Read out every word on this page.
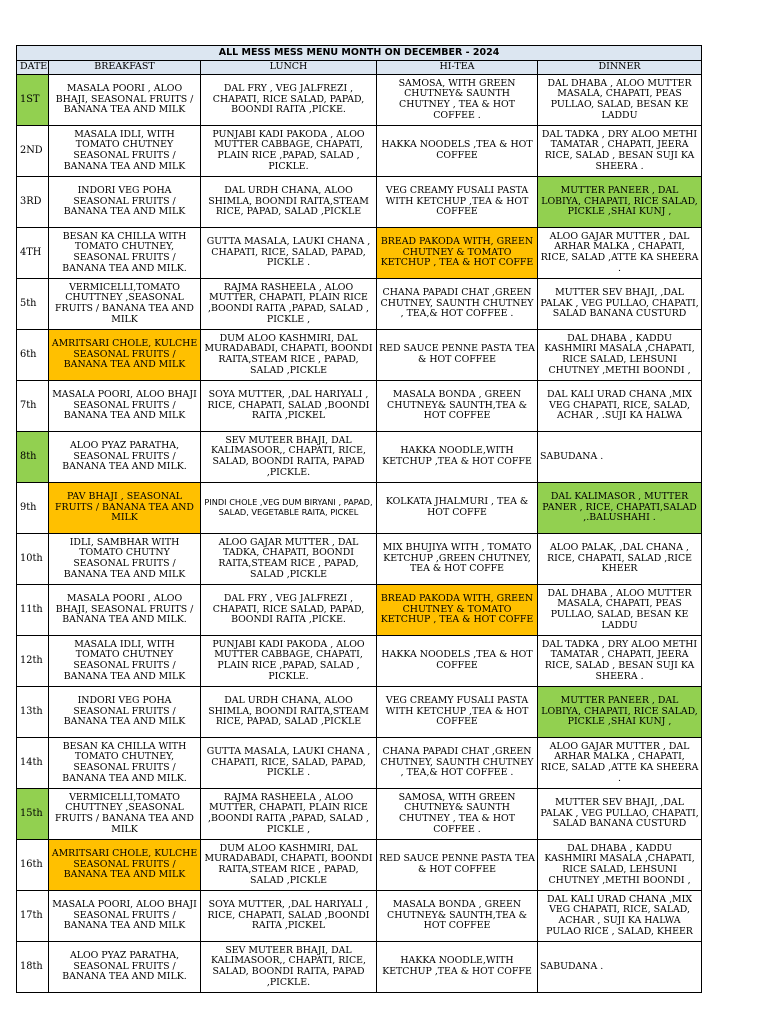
ALL MESS MESS MENU MONTH ON DECEMBER - 2024				
DATE	BREAKFAST	LUNCH	HI-TEA	DINNER
1ST	MASALA POORI , ALOO BHAJI, SEASONAL FRUITS / BANANA TEA AND MILK	DAL FRY , VEG JALFREZI , CHAPATI, RICE SALAD, PAPAD, BOONDI RAITA ,PICKE.	SAMOSA, WITH GREEN CHUTNEY& SAUNTH CHUTNEY , TEA & HOT COFFEE .	DAL DHABA , ALOO MUTTER MASALA, CHAPATI, PEAS PULLAO, SALAD, BESAN KE LADDU
2ND	MASALA IDLI, WITH TOMATO CHUTNEY SEASONAL FRUITS / BANANA TEA AND MILK	PUNJABI KADI PAKODA , ALOO MUTTER CABBAGE, CHAPATI, PLAIN RICE ,PAPAD, SALAD , PICKLE.	HAKKA NOODELS ,TEA & HOT COFFEE	DAL TADKA , DRY ALOO METHI TAMATAR , CHAPATI, JEERA RICE, SALAD , BESAN SUJI KA SHEERA .
3RD	INDORI VEG POHA SEASONAL FRUITS / BANANA TEA AND MILK	DAL URDH CHANA, ALOO SHIMLA, BOONDI RAITA,STEAM RICE, PAPAD, SALAD ,PICKLE	VEG CREAMY FUSALI PASTA WITH KETCHUP ,TEA & HOT COFFEE	MUTTER PANEER , DAL LOBIYA, CHAPATI, RICE SALAD, PICKLE ,SHAI KUNJ ,
4TH	BESAN KA CHILLA WITH TOMATO CHUTNEY, SEASONAL FRUITS / BANANA TEA AND MILK.	GUTTA MASALA, LAUKI CHANA , CHAPATI, RICE, SALAD, PAPAD, PICKLE .	BREAD PAKODA WITH, GREEN CHUTNEY & TOMATO KETCHUP , TEA & HOT COFFE	ALOO GAJAR MUTTER , DAL ARHAR MALKA , CHAPATI, RICE, SALAD ,ATTE KA SHEERA .
5th	VERMICELLI,TOMATO CHUTTNEY ,SEASONAL FRUITS / BANANA TEA AND MILK	RAJMA RASHEELA , ALOO MUTTER, CHAPATI, PLAIN RICE ,BOONDI RAITA ,PAPAD, SALAD , PICKLE ,	CHANA PAPADI CHAT ,GREEN CHUTNEY, SAUNTH CHUTNEY , TEA,& HOT COFFEE .	MUTTER SEV BHAJI, ,DAL PALAK , VEG PULLAO, CHAPATI, SALAD BANANA CUSTURD
6th	AMRITSARI CHOLE, KULCHE SEASONAL FRUITS / BANANA TEA AND MILK	DUM ALOO KASHMIRI, DAL MURADABADI, CHAPATI, BOONDI RAITA,STEAM RICE , PAPAD, SALAD ,PICKLE	RED SAUCE PENNE PASTA TEA & HOT COFFEE	DAL DHABA , KADDU KASHMIRI MASALA ,CHAPATI, RICE SALAD, LEHSUNI CHUTNEY ,METHI BOONDI ,
7th	MASALA POORI, ALOO BHAJI SEASONAL FRUITS / BANANA TEA AND MILK	SOYA MUTTER, ,DAL HARIYALI , RICE, CHAPATI, SALAD ,BOONDI RAITA ,PICKEL	MASALA BONDA , GREEN CHUTNEY& SAUNTH,TEA & HOT COFFEE	DAL KALI URAD CHANA ,MIX VEG CHAPATI, RICE, SALAD, ACHAR , .SUJI KA HALWA
8th	ALOO PYAZ PARATHA, SEASONAL FRUITS / BANANA TEA AND MILK.	SEV MUTEER BHAJI, DAL KALIMASOOR,, CHAPATI, RICE, SALAD, BOONDI RAITA, PAPAD ,PICKLE.	HAKKA NOODLE,WITH KETCHUP ,TEA & HOT COFFE	SABUDANA .
9th	PAV BHAJI , SEASONAL FRUITS / BANANA TEA AND MILK	PINDI CHOLE ,VEG DUM BIRYANI , PAPAD, SALAD, VEGETABLE RAITA, PICKEL	KOLKATA JHALMURI , TEA & HOT COFFE	DAL KALIMASOR , MUTTER PANER , RICE, CHAPATI,SALAD ,.BALUSHAHI .
10th	IDLI, SAMBHAR WITH TOMATO CHUTNY SEASONAL FRUITS / BANANA TEA AND MILK	ALOO GAJAR MUTTER , DAL TADKA, CHAPATI, BOONDI RAITA,STEAM RICE , PAPAD, SALAD ,PICKLE	MIX BHUJIYA WITH , TOMATO KETCHUP ,GREEN CHUTNEY, TEA & HOT COFFE	ALOO PALAK, ,DAL CHANA , RICE, CHAPATI, SALAD ,RICE KHEER
11th	MASALA POORI , ALOO BHAJI, SEASONAL FRUITS / BANANA TEA AND MILK.	DAL FRY , VEG JALFREZI , CHAPATI, RICE SALAD, PAPAD, BOONDI RAITA ,PICKE.	BREAD PAKODA WITH, GREEN CHUTNEY & TOMATO KETCHUP , TEA & HOT COFFE	DAL DHABA , ALOO MUTTER MASALA, CHAPATI, PEAS PULLAO, SALAD, BESAN KE LADDU
12th	MASALA IDLI, WITH TOMATO CHUTNEY SEASONAL FRUITS / BANANA TEA AND MILK	PUNJABI KADI PAKODA , ALOO MUTTER CABBAGE, CHAPATI, PLAIN RICE ,PAPAD, SALAD , PICKLE.	HAKKA NOODELS ,TEA & HOT COFFEE	DAL TADKA , DRY ALOO METHI TAMATAR , CHAPATI, JEERA RICE, SALAD , BESAN SUJI KA SHEERA .
13th	INDORI VEG POHA SEASONAL FRUITS / BANANA TEA AND MILK	DAL URDH CHANA, ALOO SHIMLA, BOONDI RAITA,STEAM RICE, PAPAD, SALAD ,PICKLE	VEG CREAMY FUSALI PASTA WITH KETCHUP ,TEA & HOT COFFEE	MUTTER PANEER , DAL LOBIYA, CHAPATI, RICE SALAD, PICKLE ,SHAI KUNJ ,
14th	BESAN KA CHILLA WITH TOMATO CHUTNEY, SEASONAL FRUITS / BANANA TEA AND MILK.	GUTTA MASALA, LAUKI CHANA , CHAPATI, RICE, SALAD, PAPAD, PICKLE .	CHANA PAPADI CHAT ,GREEN CHUTNEY, SAUNTH CHUTNEY , TEA,& HOT COFFEE .	ALOO GAJAR MUTTER , DAL ARHAR MALKA , CHAPATI, RICE, SALAD ,ATTE KA SHEERA .
15th	VERMICELLI,TOMATO CHUTTNEY ,SEASONAL FRUITS / BANANA TEA AND MILK	RAJMA RASHEELA , ALOO MUTTER, CHAPATI, PLAIN RICE ,BOONDI RAITA ,PAPAD, SALAD , PICKLE ,	SAMOSA, WITH GREEN CHUTNEY& SAUNTH CHUTNEY , TEA & HOT COFFEE .	MUTTER SEV BHAJI, ,DAL PALAK , VEG PULLAO, CHAPATI, SALAD BANANA CUSTURD
16th	AMRITSARI CHOLE, KULCHE SEASONAL FRUITS / BANANA TEA AND MILK	DUM ALOO KASHMIRI, DAL MURADABADI, CHAPATI, BOONDI RAITA,STEAM RICE , PAPAD, SALAD ,PICKLE	RED SAUCE PENNE PASTA TEA & HOT COFFEE	DAL DHABA , KADDU KASHMIRI MASALA ,CHAPATI, RICE SALAD, LEHSUNI CHUTNEY ,METHI BOONDI ,
17th	MASALA POORI, ALOO BHAJI SEASONAL FRUITS / BANANA TEA AND MILK	SOYA MUTTER, ,DAL HARIYALI , RICE, CHAPATI, SALAD ,BOONDI RAITA ,PICKEL	MASALA BONDA , GREEN CHUTNEY& SAUNTH,TEA & HOT COFFEE	DAL KALI URAD CHANA ,MIX VEG CHAPATI, RICE, SALAD, ACHAR , SUJI KA HALWA PULAO RICE , SALAD, KHEER
18th	ALOO PYAZ PARATHA, SEASONAL FRUITS / BANANA TEA AND MILK.	SEV MUTEER BHAJI, DAL KALIMASOOR,, CHAPATI, RICE, SALAD, BOONDI RAITA, PAPAD ,PICKLE.	HAKKA NOODLE,WITH KETCHUP ,TEA & HOT COFFE	SABUDANA .
